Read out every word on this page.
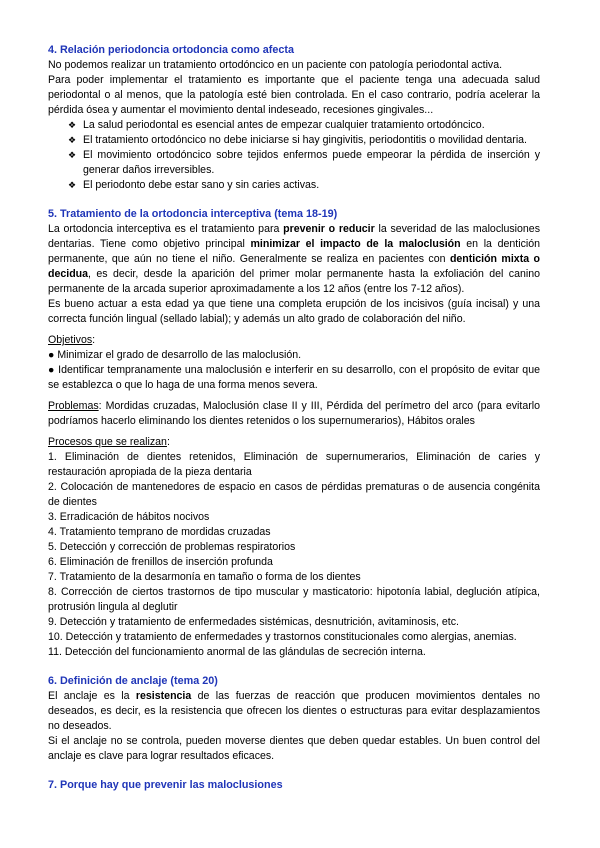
4. Relación periodoncia ortodoncia como afecta

No podemos realizar un tratamiento ortodóncico en un paciente con patología periodontal activa.

Para poder implementar el tratamiento es importante que el paciente tenga una adecuada salud periodontal o al menos, que la patología esté bien controlada. En el caso contrario, podría acelerar la pérdida ósea y aumentar el movimiento dental indeseado, recesiones gingivales...

❖ La salud periodontal es esencial antes de empezar cualquier tratamiento ortodóncico.
❖ El tratamiento ortodóncico no debe iniciarse si hay gingivitis, periodontitis o movilidad dentaria.
❖ El movimiento ortodóncico sobre tejidos enfermos puede empeorar la pérdida de inserción y generar daños irreversibles.
❖ El periodonto debe estar sano y sin caries activas.

5. Tratamiento de la ortodoncia interceptiva (tema 18-19)

La ortodoncia interceptiva es el tratamiento para prevenir o reducir la severidad de las maloclusiones dentarias. Tiene como objetivo principal minimizar el impacto de la maloclusión en la dentición permanente, que aún no tiene el niño. Generalmente se realiza en pacientes con dentición mixta o decidua, es decir, desde la aparición del primer molar permanente hasta la exfoliación del canino permanente de la arcada superior aproximadamente a los 12 años (entre los 7-12 años).

Es bueno actuar a esta edad ya que tiene una completa erupción de los incisivos (guía incisal) y una correcta función lingual (sellado labial); y además un alto grado de colaboración del niño.

Objetivos:

● Minimizar el grado de desarrollo de las maloclusión.

● Identificar tempranamente una maloclusión e interferir en su desarrollo, con el propósito de evitar que se establezca o que lo haga de una forma menos severa.

Problemas: Mordidas cruzadas, Maloclusión clase II y III, Pérdida del perímetro del arco (para evitarlo podríamos hacerlo eliminando los dientes retenidos o los supernumerarios), Hábitos orales

Procesos que se realizan:

1. Eliminación de dientes retenidos, Eliminación de supernumerarios, Eliminación de caries y restauración apropiada de la pieza dentaria

2. Colocación de mantenedores de espacio en casos de pérdidas prematuras o de ausencia congénita de dientes

3. Erradicación de hábitos nocivos

4. Tratamiento temprano de mordidas cruzadas

5. Detección y corrección de problemas respiratorios

6. Eliminación de frenillos de inserción profunda

7. Tratamiento de la desarmonía en tamaño o forma de los dientes

8. Corrección de ciertos trastornos de tipo muscular y masticatorio: hipotonía labial, deglución atípica, protrusión lingula al deglutir

9. Detección y tratamiento de enfermedades sistémicas, desnutrición, avitaminosis, etc.

10. Detección y tratamiento de enfermedades y trastornos constitucionales como alergias, anemias.

11. Detección del funcionamiento anormal de las glándulas de secreción interna.

6. Definición de anclaje (tema 20)

El anclaje es la resistencia de las fuerzas de reacción que producen movimientos dentales no deseados, es decir, es la resistencia que ofrecen los dientes o estructuras para evitar desplazamientos no deseados.

Si el anclaje no se controla, pueden moverse dientes que deben quedar estables. Un buen control del anclaje es clave para lograr resultados eficaces.

7. Porque hay que prevenir las maloclusiones
